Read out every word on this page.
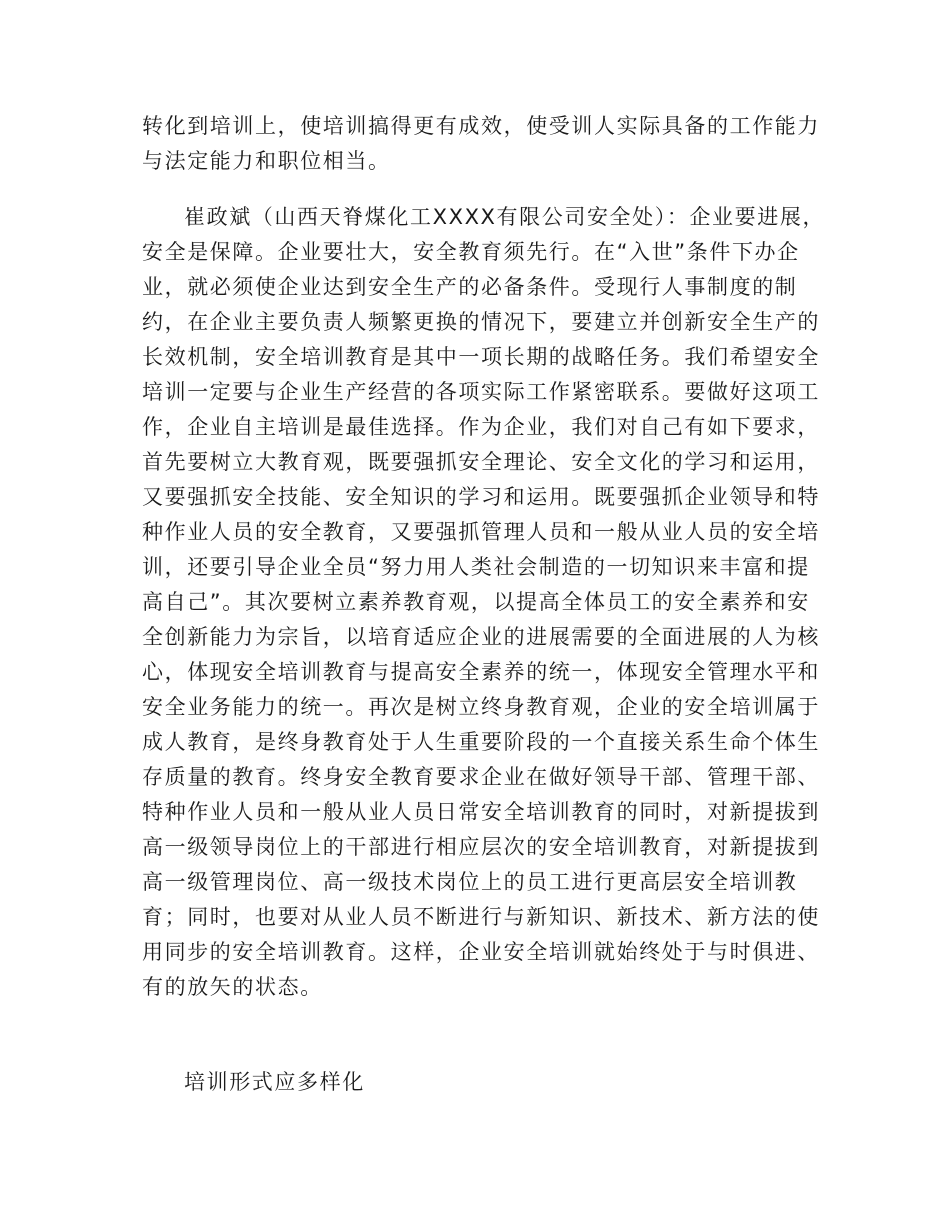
转化到培训上，使培训搞得更有成效，使受训人实际具备的工作能力
与法定能力和职位相当。
崔政斌（山西天脊煤化工XXXX有限公司安全处）：企业要进展，
安全是保障。企业要壮大，安全教育须先行。在“入世”条件下办企
业，就必须使企业达到安全生产的必备条件。受现行人事制度的制
约，在企业主要负责人频繁更换的情况下，要建立并创新安全生产的
长效机制，安全培训教育是其中一项长期的战略任务。我们希望安全
培训一定要与企业生产经营的各项实际工作紧密联系。要做好这项工
作，企业自主培训是最佳选择。作为企业，我们对自己有如下要求，
首先要树立大教育观，既要强抓安全理论、安全文化的学习和运用，
又要强抓安全技能、安全知识的学习和运用。既要强抓企业领导和特
种作业人员的安全教育，又要强抓管理人员和一般从业人员的安全培
训，还要引导企业全员“努力用人类社会制造的一切知识来丰富和提
高自己”。其次要树立素养教育观，以提高全体员工的安全素养和安
全创新能力为宗旨，以培育适应企业的进展需要的全面进展的人为核
心，体现安全培训教育与提高安全素养的统一，体现安全管理水平和
安全业务能力的统一。再次是树立终身教育观，企业的安全培训属于
成人教育，是终身教育处于人生重要阶段的一个直接关系生命个体生
存质量的教育。终身安全教育要求企业在做好领导干部、管理干部、
特种作业人员和一般从业人员日常安全培训教育的同时，对新提拔到
高一级领导岗位上的干部进行相应层次的安全培训教育，对新提拔到
高一级管理岗位、高一级技术岗位上的员工进行更高层安全培训教
育；同时，也要对从业人员不断进行与新知识、新技术、新方法的使
用同步的安全培训教育。这样，企业安全培训就始终处于与时俱进、
有的放矢的状态。
培训形式应多样化
